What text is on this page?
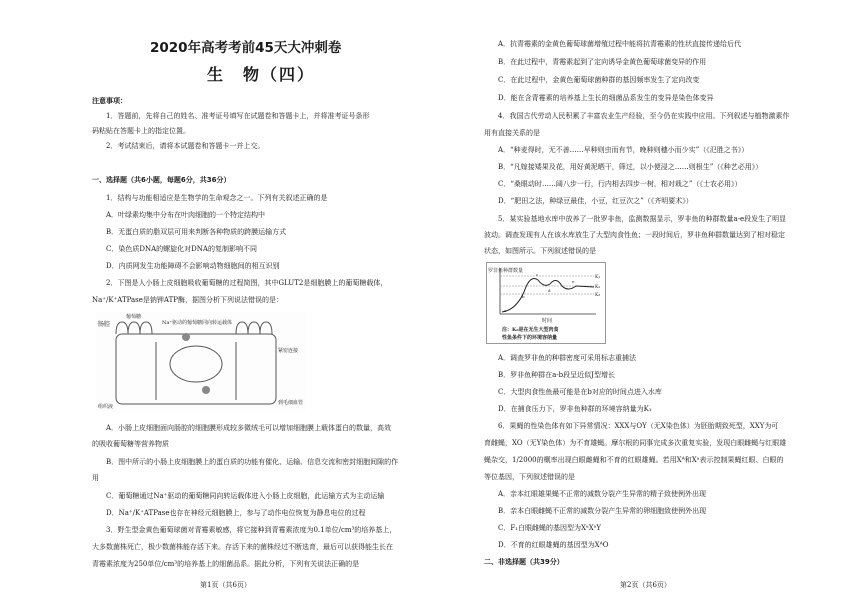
2020年高考考前45天大冲刺卷
生　物（四）
注意事项：
1．答题前，先将自己的姓名、准考证号填写在试题卷和答题卡上，并将准考证号条形
码粘贴在答题卡上的指定位置。
2．考试结束后，请将本试题卷和答题卡一并上交。
一、选择题（共6小题，每题6分，共36分）
1．结构与功能相适应是生物学的生命观念之一。下列有关叙述正确的是
A．叶绿素均集中分布在叶肉细胞的一个特定结构中
B．无蛋白质的脂双层可用来判断各种物质的跨膜运输方式
C．染色质DNA的螺旋化对DNA的复制影响不同
D．内质网发生功能障碍不会影响动物细胞间的相互识别
2．下图是人小肠上皮细胞吸收葡萄糖的过程简图，其中GLUT2是细胞膜上的葡萄糖载体，
Na⁺/K⁺ATPase是钠钾ATP酶，据图分析下列说法错误的是：
肠腔
葡萄糖
Na⁺驱动的葡萄糖同向转运载体
紧密连接
组织液
到毛细血管
A．小肠上皮细胞面向肠腔的细胞膜形成较多微绒毛可以增加细胞膜上载体蛋白的数量，高效
的吸收葡萄糖等营养物质
B．图中所示的小肠上皮细胞膜上的蛋白质的功能有催化、运输、信息交流和密封细胞间隙的作
用
C．葡萄糖通过Na⁺驱动的葡萄糖同向转运载体进入小肠上皮细胞，此运输方式为主动运输
D．Na⁺/K⁺ATPase也存在神经元细胞膜上，参与了动作电位恢复为静息电位的过程
3．野生型金黄色葡萄球菌对青霉素敏感，将它接种到青霉素浓度为0.1单位/cm³的培养基上，
大多数菌株死亡，极少数菌株能存活下来。存活下来的菌株经过不断选育，最后可以获得能生长在
青霉素浓度为250单位/cm³的培养基上的细菌品系。据此分析，下列有关说法正确的是
第1页（共6页）
A．抗青霉素的金黄色葡萄球菌增殖过程中能将抗青霉素的性状直接传递给后代
B．在此过程中，青霉素起到了定向诱导金黄色葡萄球菌变异的作用
C．在此过程中，金黄色葡萄球菌种群的基因频率发生了定向改变
D．能在含青霉素的培养基上生长的细菌品系发生的变异是染色体变异
4．我国古代劳动人民积累了丰富农业生产经验，至今仍在实践中应用。下列叙述与植物激素作
用有直接关系的是
A．“种麦得时，无不善……早种则虫而有节，晚种则穗小而少实”（《氾胜之书》）
B．“凡嫁接矮果及花，用好黄泥晒干，筛过，以小便浸之……则根生”（《种艺必用》）
C．“桑眼动时……阔八步一行，行内相去四步一树，相对栽之”（《士农必用》）
D．“肥田之法，种绿豆最佳，小豆，红豆次之”（《齐明要术》）
5．某实验基地水库中放养了一批罗非鱼，监测数据显示，罗非鱼的种群数量a-e段发生了明显
波动。调查发现有人在该水库放生了大型肉食性鱼；一段时间后，罗非鱼种群数量达到了相对稳定
状态，如图所示。下列叙述错误的是
罗非鱼种群数量
K₁
K₂
K₃
a
b
c
d
e
时间
注：K₀是在无生大型肉食
性鱼条件下的环境容纳量
A．调查罗非鱼的种群密度可采用标志重捕法
B．罗非鱼种群在a-b段呈近似J型增长
C．大型肉食性鱼最可能是在b对应的时间点进入水库
D．在捕食压力下，罗非鱼种群的环境容纳量为K₁
6．果蝇的性染色体有如下异常情况：XXX与OY（无X染色体）为胚胎期致死型，XXY为可
育雌蝇，XO（无Y染色体）为不育雄蝇。摩尔根的同事完成多次重复实验，发现白眼雌蝇与红眼雄
蝇杂交，1/2000的概率出现白眼雌蝇和不育的红眼雄蝇。若用Xᴬ和Xᵃ表示控制果蝇红眼、白眼的
等位基因，下列叙述错误的是
A．亲本红眼雄果蝇不正常的减数分裂产生异常的精子致使例外出现
B．亲本白眼雌蝇不正常的减数分裂产生异常的卵细胞致使例外出现
C．F₁白眼雌蝇的基因型为XᵃXᵃY
D．不育的红眼雄蝇的基因型为XᴬO
二、非选择题（共39分）
第2页（共6页）
